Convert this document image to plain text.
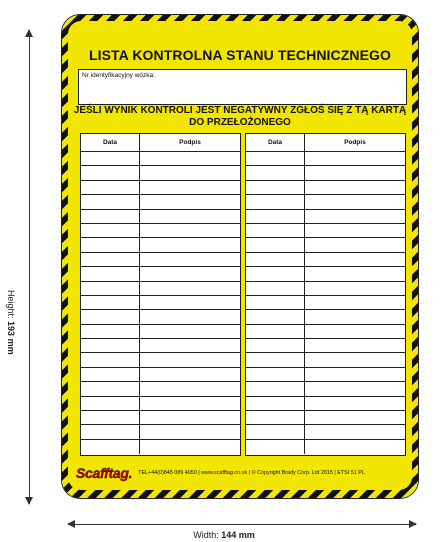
Height: 193 mm
LISTA KONTROLNA STANU TECHNICZNEGO
Nr identyfikacyjny wózka:
JEŚLI WYNIK KONTROLI JEST NEGATYWNY ZGŁOŚ SIĘ Z TĄ KARTĄ
DO PRZEŁOŻONEGO
Data	Podpis	Data	Podpis
Scafftag. TEL+44(0)845 089 4050 | www.scafftag.co.uk | © Copyright Brady Corp. Ltd 2015 | ETSI 51 PL
Width: 144 mm
